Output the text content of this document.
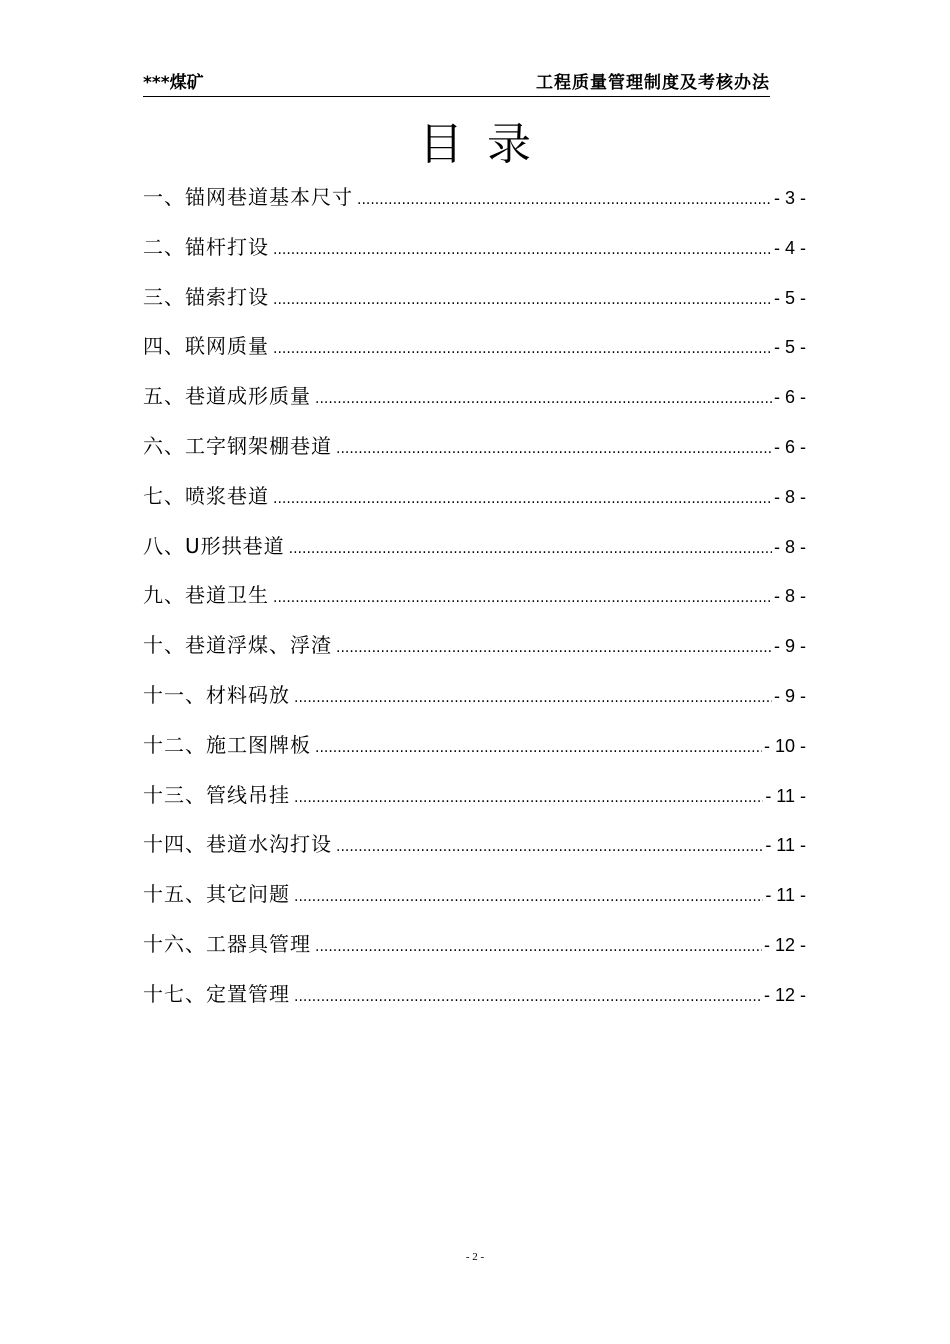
***煤矿	工程质量管理制度及考核办法
目录
一、锚网巷道基本尺寸 .....	- 3 -
二、锚杆打设 .....	- 4 -
三、锚索打设 .....	- 5 -
四、联网质量 .....	- 5 -
五、巷道成形质量 .....	- 6 -
六、工字钢架棚巷道 .....	- 6 -
七、喷浆巷道 .....	- 8 -
八、U形拱巷道 .....	- 8 -
九、巷道卫生 .....	- 8 -
十、巷道浮煤、浮渣 .....	- 9 -
十一、材料码放 .....	- 9 -
十二、施工图牌板 .....	- 10 -
十三、管线吊挂 .....	- 11 -
十四、巷道水沟打设 .....	- 11 -
十五、其它问题 .....	- 11 -
十六、工器具管理 .....	- 12 -
十七、定置管理 .....	- 12 -
- 2 -
